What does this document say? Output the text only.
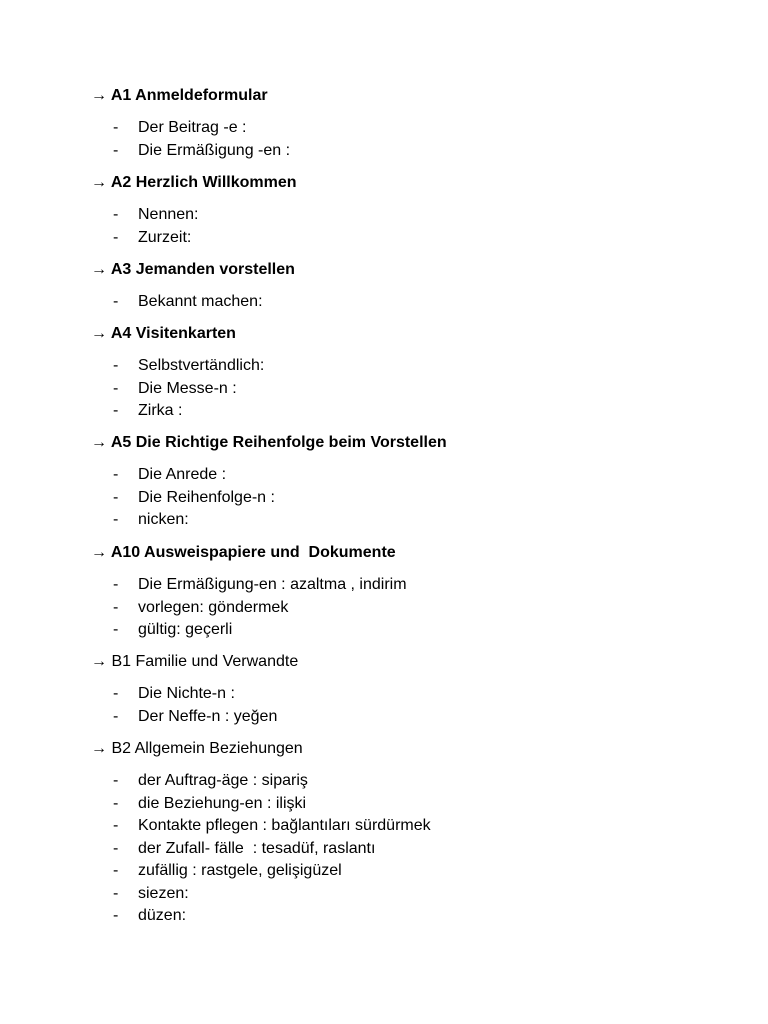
→ A1 Anmeldeformular
- Der Beitrag -e :
- Die Ermäßigung -en :
→ A2 Herzlich Willkommen
- Nennen:
- Zurzeit:
→ A3 Jemanden vorstellen
- Bekannt machen:
→ A4 Visitenkarten
- Selbstvertändlich:
- Die Messe-n :
- Zirka :
→ A5 Die Richtige Reihenfolge beim Vorstellen
- Die Anrede :
- Die Reihenfolge-n :
- nicken:
→ A10 Ausweispapiere und  Dokumente
- Die Ermäßigung-en : azaltma , indirim
- vorlegen: göndermek
- gültig: geçerli
→ B1 Familie und Verwandte
- Die Nichte-n :
- Der Neffe-n : yeğen
→ B2 Allgemein Beziehungen
- der Auftrag-äge : sipariş
- die Beziehung-en : ilişki
- Kontakte pflegen : bağlantıları sürdürmek
- der Zufall- fälle  : tesadüf, raslantı
- zufällig : rastgele, gelişigüzel
- siezen:
- düzen:
